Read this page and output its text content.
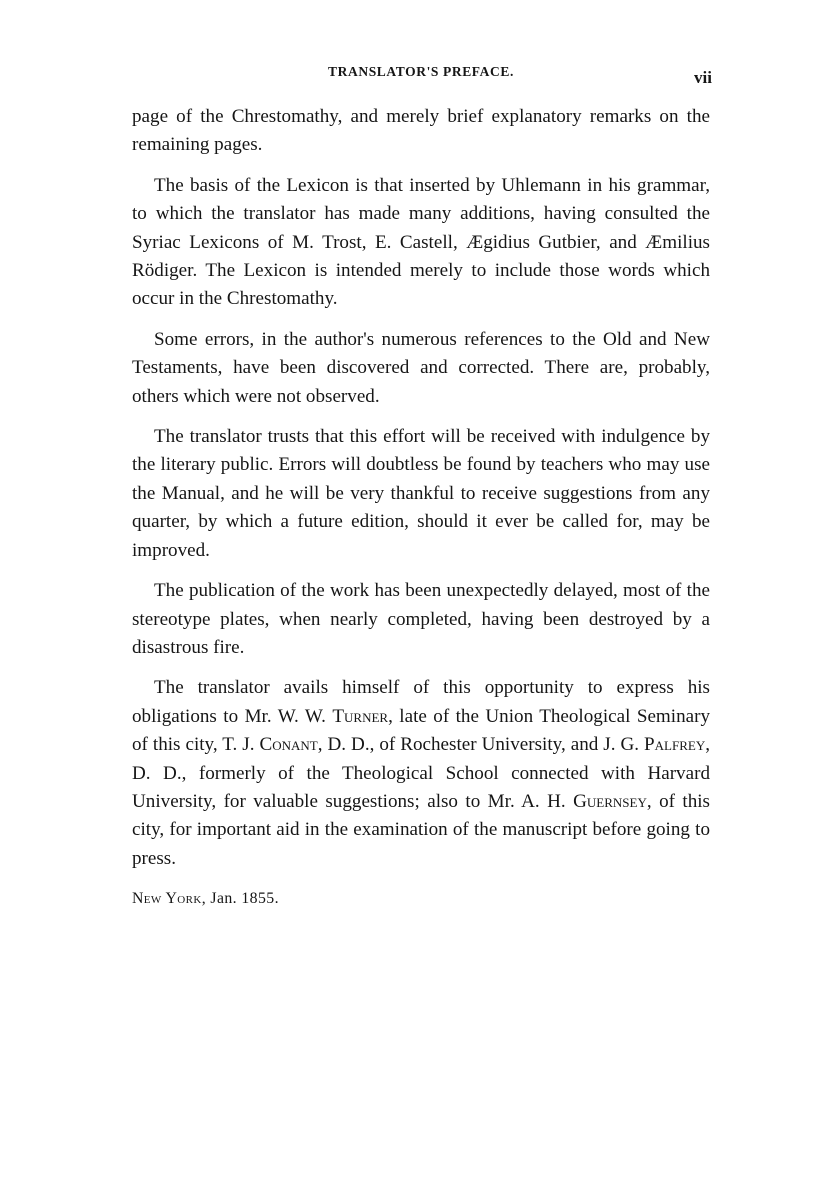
TRANSLATOR'S PREFACE.	vii

page of the Chrestomathy, and merely brief explanatory remarks on the remaining pages.

The basis of the Lexicon is that inserted by Uhlemann in his grammar, to which the translator has made many additions, having consulted the Syriac Lexicons of M. Trost, E. Castell, Ægidius Gutbier, and Æmilius Rödiger. The Lexicon is intended merely to include those words which occur in the Chrestomathy.

Some errors, in the author's numerous references to the Old and New Testaments, have been discovered and corrected. There are, probably, others which were not observed.

The translator trusts that this effort will be received with indulgence by the literary public. Errors will doubtless be found by teachers who may use the Manual, and he will be very thankful to receive suggestions from any quarter, by which a future edition, should it ever be called for, may be improved.

The publication of the work has been unexpectedly delayed, most of the stereotype plates, when nearly completed, having been destroyed by a disastrous fire.

The translator avails himself of this opportunity to express his obligations to Mr. W. W. Turner, late of the Union Theological Seminary of this city, T. J. Conant, D. D., of Rochester University, and J. G. Palfrey, D. D., formerly of the Theological School connected with Harvard University, for valuable suggestions; also to Mr. A. H. Guernsey, of this city, for important aid in the examination of the manuscript before going to press.

New York, Jan. 1855.
